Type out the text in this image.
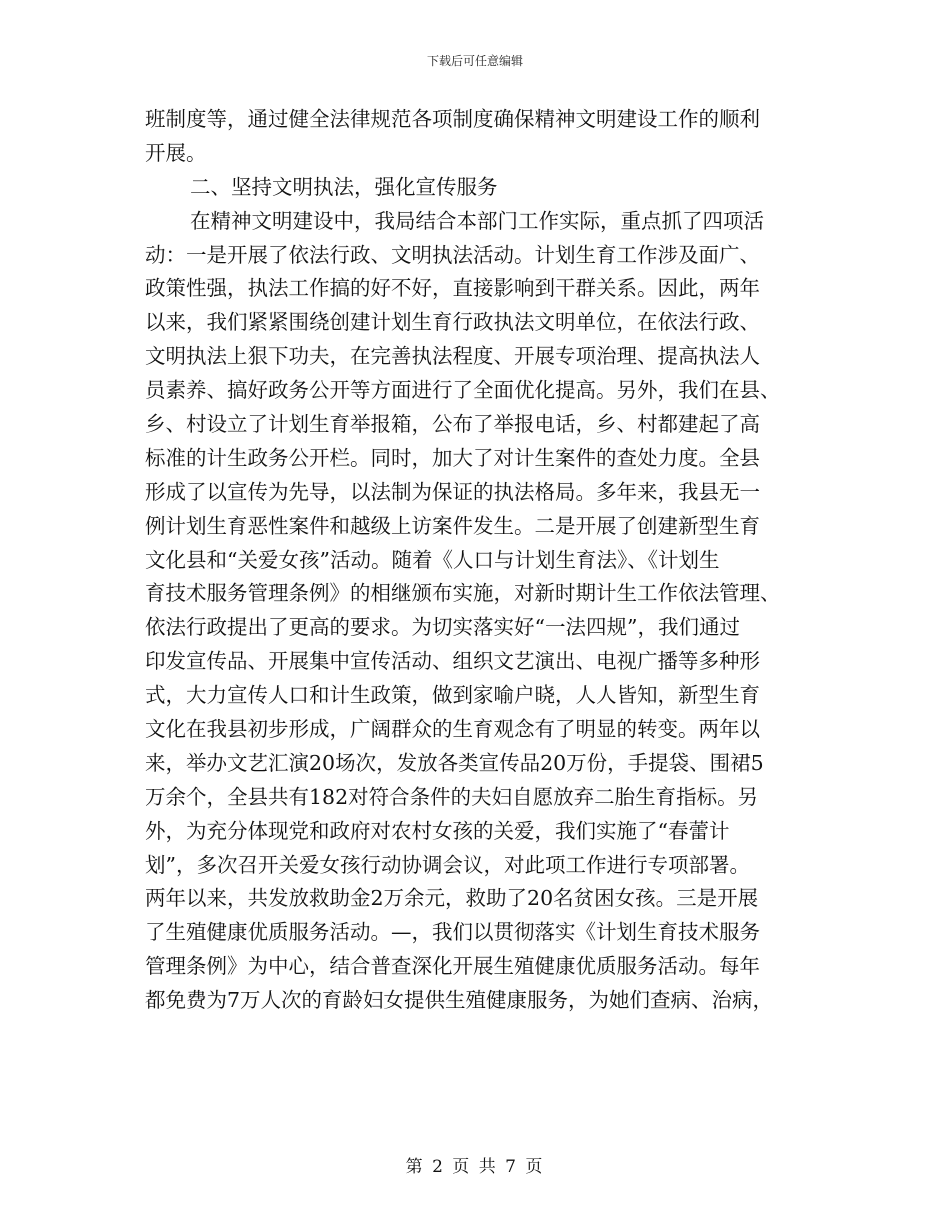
下载后可任意编辑
班制度等，通过健全法律规范各项制度确保精神文明建设工作的顺利
开展。
二、坚持文明执法，强化宣传服务
在精神文明建设中，我局结合本部门工作实际，重点抓了四项活
动：一是开展了依法行政、文明执法活动。计划生育工作涉及面广、
政策性强，执法工作搞的好不好，直接影响到干群关系。因此，两年
以来，我们紧紧围绕创建计划生育行政执法文明单位，在依法行政、
文明执法上狠下功夫，在完善执法程度、开展专项治理、提高执法人
员素养、搞好政务公开等方面进行了全面优化提高。另外，我们在县、
乡、村设立了计划生育举报箱，公布了举报电话，乡、村都建起了高
标准的计生政务公开栏。同时，加大了对计生案件的查处力度。全县
形成了以宣传为先导，以法制为保证的执法格局。多年来，我县无一
例计划生育恶性案件和越级上访案件发生。二是开展了创建新型生育
文化县和“关爱女孩”活动。随着《人口与计划生育法》、《计划生
育技术服务管理条例》的相继颁布实施，对新时期计生工作依法管理、
依法行政提出了更高的要求。为切实落实好“一法四规”，我们通过
印发宣传品、开展集中宣传活动、组织文艺演出、电视广播等多种形
式，大力宣传人口和计生政策，做到家喻户晓，人人皆知，新型生育
文化在我县初步形成，广阔群众的生育观念有了明显的转变。两年以
来，举办文艺汇演20场次，发放各类宣传品20万份，手提袋、围裙5
万余个，全县共有182对符合条件的夫妇自愿放弃二胎生育指标。另
外，为充分体现党和政府对农村女孩的关爱，我们实施了“春蕾计
划”，多次召开关爱女孩行动协调会议，对此项工作进行专项部署。
两年以来，共发放救助金2万余元，救助了20名贫困女孩。三是开展
了生殖健康优质服务活动。—，我们以贯彻落实《计划生育技术服务
管理条例》为中心，结合普查深化开展生殖健康优质服务活动。每年
都免费为7万人次的育龄妇女提供生殖健康服务，为她们查病、治病，
第 2 页 共 7 页
